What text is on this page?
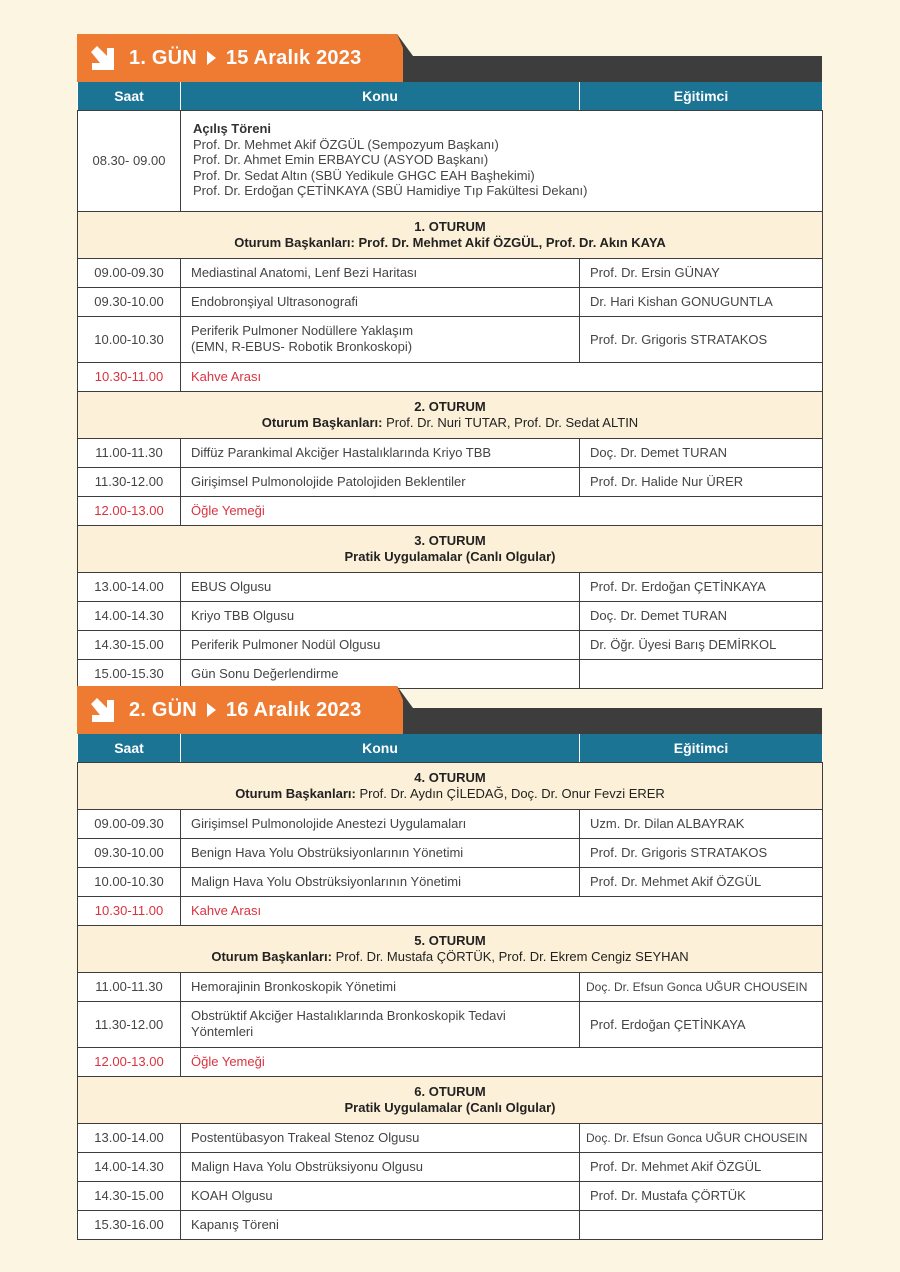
1. GÜN 15 Aralık 2023
Saat	Konu	Eğitimci
08.30- 09.00	Açılış Töreni
Prof. Dr. Mehmet Akif ÖZGÜL (Sempozyum Başkanı)
Prof. Dr. Ahmet Emin ERBAYCU (ASYOD Başkanı)
Prof. Dr. Sedat Altın (SBÜ Yedikule GHGC EAH Başhekimi)
Prof. Dr. Erdoğan ÇETİNKAYA (SBÜ Hamidiye Tıp Fakültesi Dekanı)	

1. OTURUM
Oturum Başkanları: Prof. Dr. Mehmet Akif ÖZGÜL, Prof. Dr. Akın KAYA		

09.00-09.30	Mediastinal Anatomi, Lenf Bezi Haritası	Prof. Dr. Ersin GÜNAY
09.30-10.00	Endobronşiyal Ultrasonografi	Dr. Hari Kishan GONUGUNTLA
10.00-10.30	Periferik Pulmoner Nodüllere Yaklaşım
(EMN, R-EBUS- Robotik Bronkoskopi)	Prof. Dr. Grigoris STRATAKOS
10.30-11.00	Kahve Arası	

2. OTURUM
Oturum Başkanları: Prof. Dr. Nuri TUTAR, Prof. Dr. Sedat ALTIN		

11.00-11.30	Diffüz Parankimal Akciğer Hastalıklarında Kriyo TBB	Doç. Dr. Demet TURAN
11.30-12.00	Girişimsel Pulmonolojide Patolojiden Beklentiler	Prof. Dr. Halide Nur ÜRER
12.00-13.00	Öğle Yemeği	

3. OTURUM
Pratik Uygulamalar (Canlı Olgular)		

13.00-14.00	EBUS Olgusu	Prof. Dr. Erdoğan ÇETİNKAYA
14.00-14.30	Kriyo TBB Olgusu	Doç. Dr. Demet TURAN
14.30-15.00	Periferik Pulmoner Nodül Olgusu	Dr. Öğr. Üyesi Barış DEMİRKOL
15.00-15.30	Gün Sonu Değerlendirme	
2. GÜN 16 Aralık 2023
Saat	Konu	Eğitimci

4. OTURUM
Oturum Başkanları: Prof. Dr. Aydın ÇİLEDAĞ, Doç. Dr. Onur Fevzi ERER		

09.00-09.30	Girişimsel Pulmonolojide Anestezi Uygulamaları	Uzm. Dr. Dilan ALBAYRAK
09.30-10.00	Benign Hava Yolu Obstrüksiyonlarının Yönetimi	Prof. Dr. Grigoris STRATAKOS
10.00-10.30	Malign Hava Yolu Obstrüksiyonlarının Yönetimi	Prof. Dr. Mehmet Akif ÖZGÜL
10.30-11.00	Kahve Arası	

5. OTURUM
Oturum Başkanları: Prof. Dr. Mustafa ÇÖRTÜK, Prof. Dr. Ekrem Cengiz SEYHAN		

11.00-11.30	Hemorajinin Bronkoskopik Yönetimi	Doç. Dr. Efsun Gonca UĞUR CHOUSEIN
11.30-12.00	Obstrüktif Akciğer Hastalıklarında Bronkoskopik Tedavi Yöntemleri	Prof. Erdoğan ÇETİNKAYA
12.00-13.00	Öğle Yemeği	

6. OTURUM
Pratik Uygulamalar (Canlı Olgular)		

13.00-14.00	Postentübasyon Trakeal Stenoz Olgusu	Doç. Dr. Efsun Gonca UĞUR CHOUSEIN
14.00-14.30	Malign Hava Yolu Obstrüksiyonu Olgusu	Prof. Dr. Mehmet Akif ÖZGÜL
14.30-15.00	KOAH Olgusu	Prof. Dr. Mustafa ÇÖRTÜK
15.30-16.00	Kapanış Töreni	
